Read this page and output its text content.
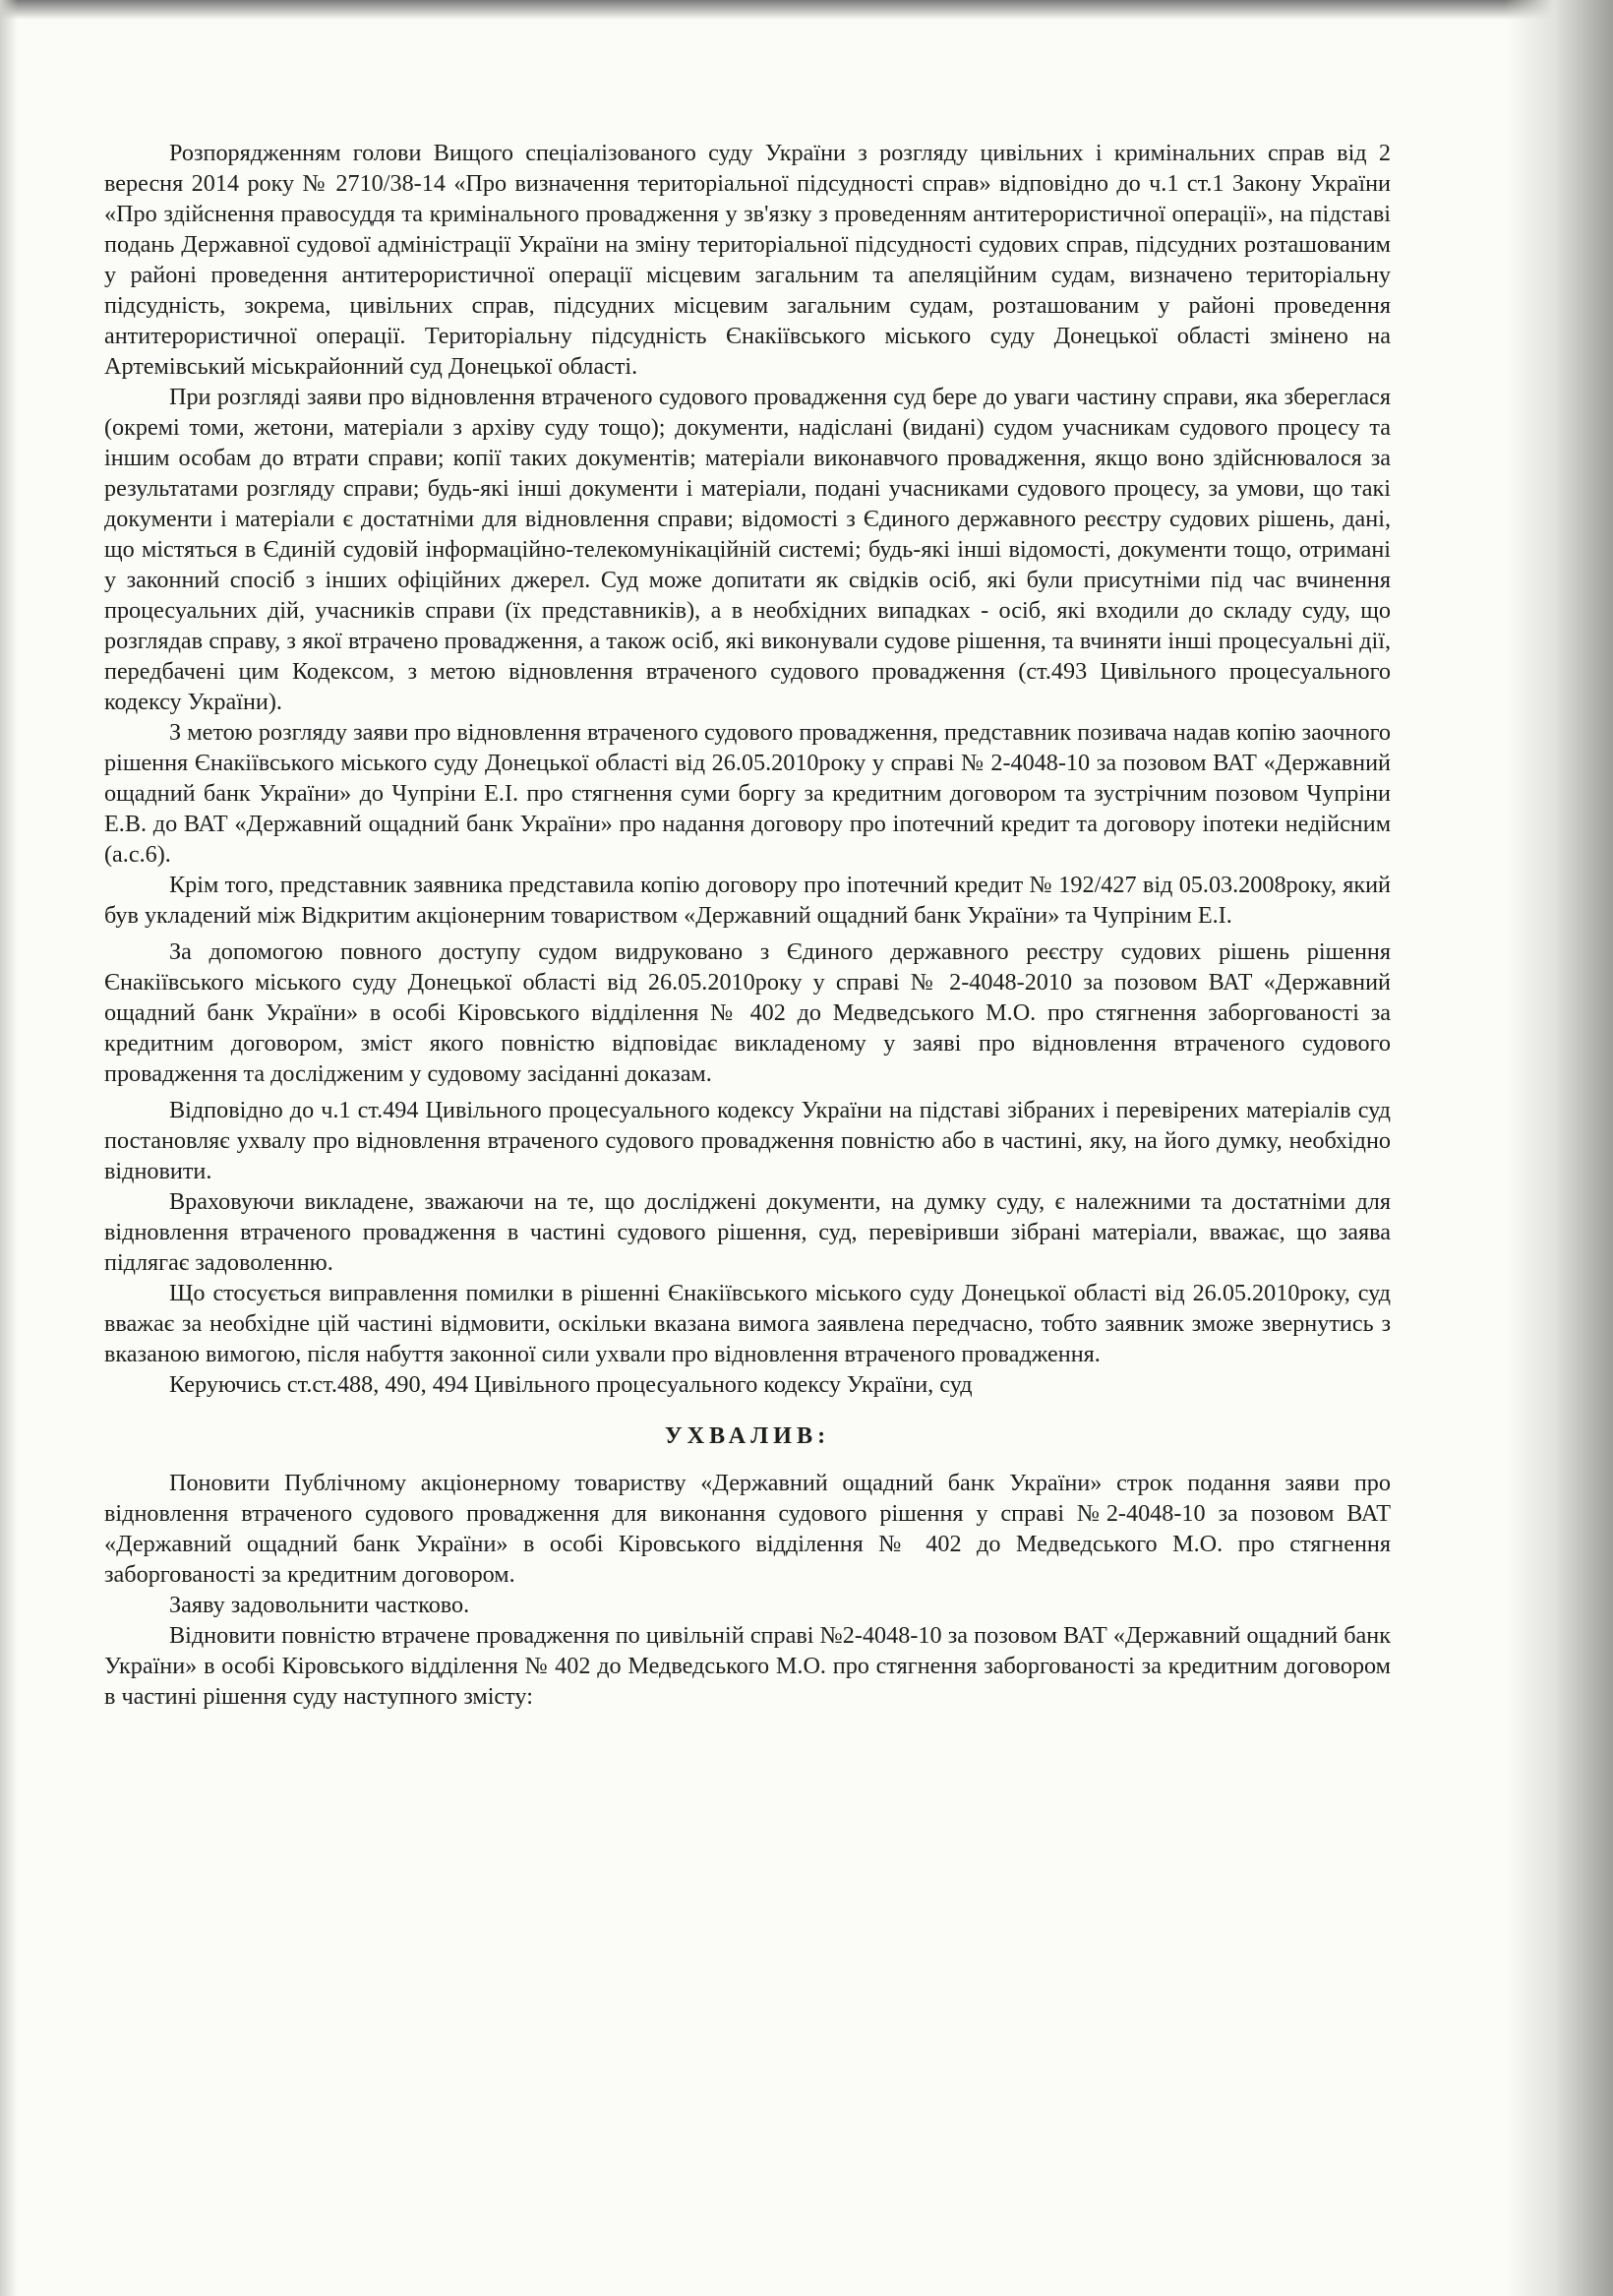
Розпорядженням голови Вищого спеціалізованого суду України з розгляду цивільних і кримінальних справ від 2 вересня 2014 року № 2710/38-14 «Про визначення територіальної підсудності справ» відповідно до ч.1 ст.1 Закону України «Про здійснення правосуддя та кримінального провадження у зв'язку з проведенням антитерористичної операції», на підставі подань Державної судової адміністрації України на зміну територіальної підсудності судових справ, підсудних розташованим у районі проведення антитерористичної операції місцевим загальним та апеляційним судам, визначено територіальну підсудність, зокрема, цивільних справ, підсудних місцевим загальним судам, розташованим у районі проведення антитерористичної операції. Територіальну підсудність Єнакіївського міського суду Донецької області змінено на Артемівський міськрайонний суд Донецької області.

При розгляді заяви про відновлення втраченого судового провадження суд бере до уваги частину справи, яка збереглася (окремі томи, жетони, матеріали з архіву суду тощо); документи, надіслані (видані) судом учасникам судового процесу та іншим особам до втрати справи; копії таких документів; матеріали виконавчого провадження, якщо воно здійснювалося за результатами розгляду справи; будь-які інші документи і матеріали, подані учасниками судового процесу, за умови, що такі документи і матеріали є достатніми для відновлення справи; відомості з Єдиного державного реєстру судових рішень, дані, що містяться в Єдиній судовій інформаційно-телекомунікаційній системі; будь-які інші відомості, документи тощо, отримані у законний спосіб з інших офіційних джерел. Суд може допитати як свідків осіб, які були присутніми під час вчинення процесуальних дій, учасників справи (їх представників), а в необхідних випадках - осіб, які входили до складу суду, що розглядав справу, з якої втрачено провадження, а також осіб, які виконували судове рішення, та вчиняти інші процесуальні дії, передбачені цим Кодексом, з метою відновлення втраченого судового провадження (ст.493 Цивільного процесуального кодексу України).

З метою розгляду заяви про відновлення втраченого судового провадження, представник позивача надав копію заочного рішення Єнакіївського міського суду Донецької області від 26.05.2010року у справі № 2-4048-10 за позовом ВАТ «Державний ощадний банк України» до Чупріни Е.І. про стягнення суми боргу за кредитним договором та зустрічним позовом Чупріни Е.В. до ВАТ «Державний ощадний банк України» про надання договору про іпотечний кредит та договору іпотеки недійсним (а.с.6).

Крім того, представник заявника представила копію договору про іпотечний кредит № 192/427 від 05.03.2008року, який був укладений між Відкритим акціонерним товариством «Державний ощадний банк України» та Чупріним Е.І.

За допомогою повного доступу судом видруковано з Єдиного державного реєстру судових рішень рішення Єнакіївського міського суду Донецької області від 26.05.2010року у справі № 2-4048-2010 за позовом ВАТ «Державний ощадний банк України» в особі Кіровського відділення № 402 до Медведського М.О. про стягнення заборгованості за кредитним договором, зміст якого повністю відповідає викладеному у заяві про відновлення втраченого судового провадження та дослідженим у судовому засіданні доказам.

Відповідно до ч.1 ст.494 Цивільного процесуального кодексу України на підставі зібраних і перевірених матеріалів суд постановляє ухвалу про відновлення втраченого судового провадження повністю або в частині, яку, на його думку, необхідно відновити.

Враховуючи викладене, зважаючи на те, що досліджені документи, на думку суду, є належними та достатніми для відновлення втраченого провадження в частині судового рішення, суд, перевіривши зібрані матеріали, вважає, що заява підлягає задоволенню.

Що стосується виправлення помилки в рішенні Єнакіївського міського суду Донецької області від 26.05.2010року, суд вважає за необхідне цій частині відмовити, оскільки вказана вимога заявлена передчасно, тобто заявник зможе звернутись з вказаною вимогою, після набуття законної сили ухвали про відновлення втраченого провадження.

Керуючись ст.ст.488, 490, 494 Цивільного процесуального кодексу України, суд

УХВАЛИВ:

Поновити Публічному акціонерному товариству «Державний ощадний банк України» строк подання заяви про відновлення втраченого судового провадження для виконання судового рішення у справі №2-4048-10 за позовом ВАТ «Державний ощадний банк України» в особі Кіровського відділення № 402 до Медведського М.О. про стягнення заборгованості за кредитним договором.

Заяву задовольнити частково.

Відновити повністю втрачене провадження по цивільній справі №2-4048-10 за позовом ВАТ «Державний ощадний банк України» в особі Кіровського відділення № 402 до Медведського М.О. про стягнення заборгованості за кредитним договором в частині рішення суду наступного змісту:
